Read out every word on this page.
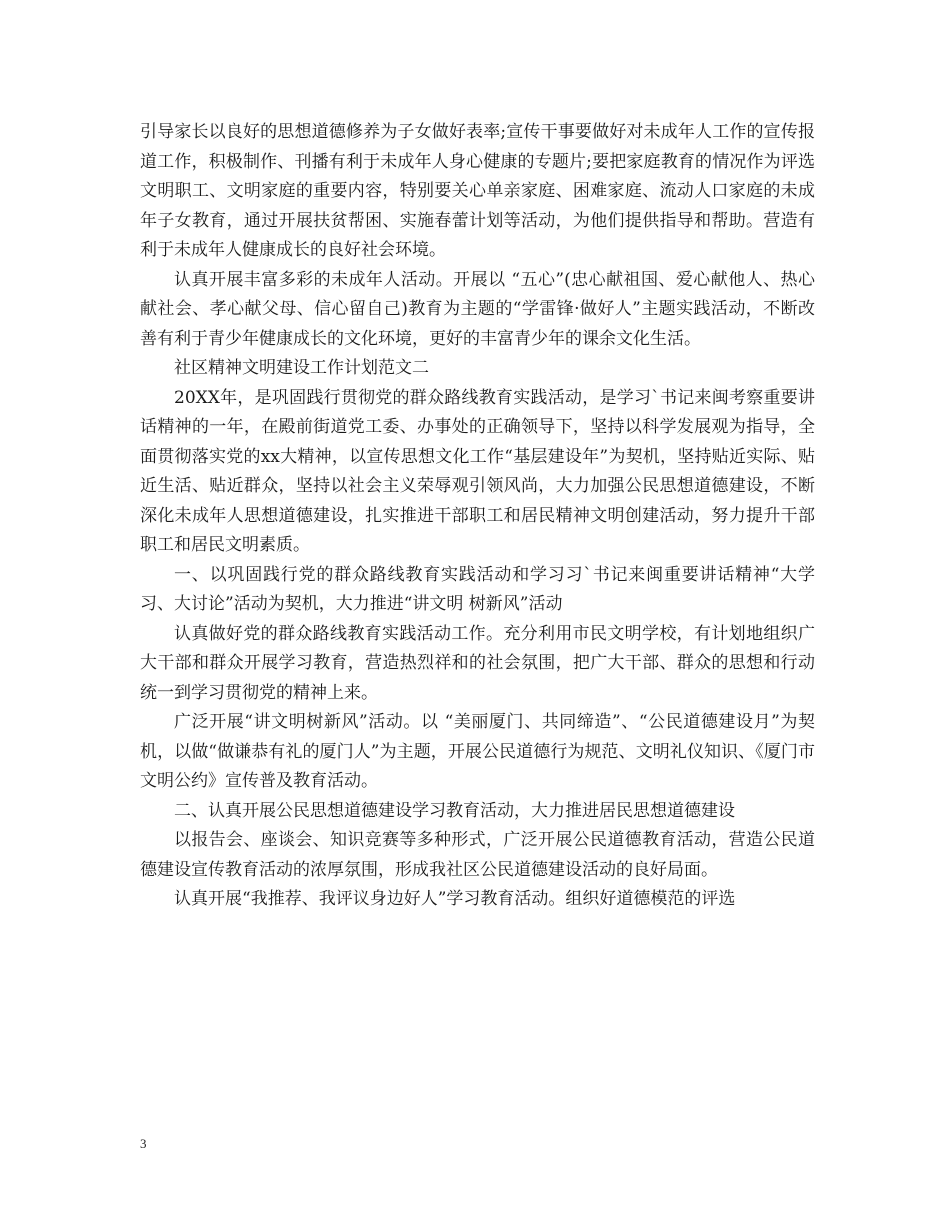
引导家长以良好的思想道德修养为子女做好表率;宣传干事要做好对未成年人工作的宣传报道工作，积极制作、刊播有利于未成年人身心健康的专题片;要把家庭教育的情况作为评选文明职工、文明家庭的重要内容，特别要关心单亲家庭、困难家庭、流动人口家庭的未成年子女教育，通过开展扶贫帮困、实施春蕾计划等活动，为他们提供指导和帮助。营造有利于未成年人健康成长的良好社会环境。

认真开展丰富多彩的未成年人活动。开展以 “五心”(忠心献祖国、爱心献他人、热心献社会、孝心献父母、信心留自己)教育为主题的“学雷锋·做好人”主题实践活动，不断改善有利于青少年健康成长的文化环境，更好的丰富青少年的课余文化生活。

社区精神文明建设工作计划范文二

20XX年，是巩固践行贯彻党的群众路线教育实践活动，是学习`书记来闽考察重要讲话精神的一年，在殿前街道党工委、办事处的正确领导下，坚持以科学发展观为指导，全面贯彻落实党的xx大精神，以宣传思想文化工作“基层建设年”为契机，坚持贴近实际、贴近生活、贴近群众，坚持以社会主义荣辱观引领风尚，大力加强公民思想道德建设，不断深化未成年人思想道德建设，扎实推进干部职工和居民精神文明创建活动，努力提升干部职工和居民文明素质。

一、以巩固践行党的群众路线教育实践活动和学习习`书记来闽重要讲话精神“大学习、大讨论”活动为契机，大力推进“讲文明 树新风”活动

认真做好党的群众路线教育实践活动工作。充分利用市民文明学校，有计划地组织广大干部和群众开展学习教育，营造热烈祥和的社会氛围，把广大干部、群众的思想和行动统一到学习贯彻党的精神上来。

广泛开展“讲文明树新风”活动。以 “美丽厦门、共同缔造”、“公民道德建设月”为契机，以做“做谦恭有礼的厦门人”为主题，开展公民道德行为规范、文明礼仪知识、《厦门市文明公约》宣传普及教育活动。

二、认真开展公民思想道德建设学习教育活动，大力推进居民思想道德建设

以报告会、座谈会、知识竞赛等多种形式，广泛开展公民道德教育活动，营造公民道德建设宣传教育活动的浓厚氛围，形成我社区公民道德建设活动的良好局面。

认真开展“我推荐、我评议身边好人”学习教育活动。组织好道德模范的评选

3
